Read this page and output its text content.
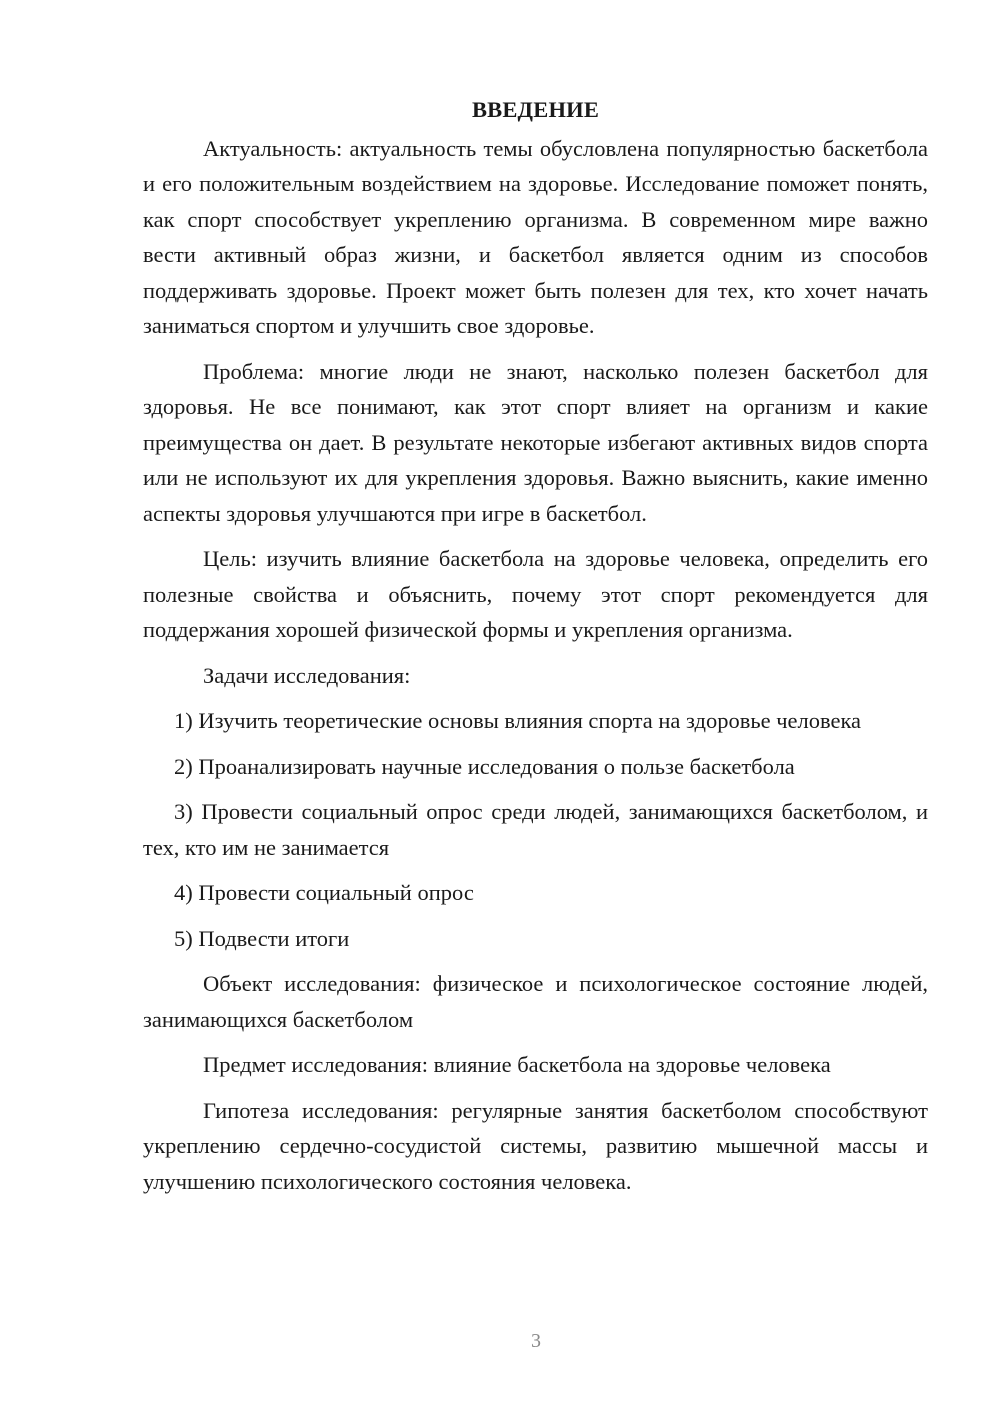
ВВЕДЕНИЕ

Актуальность: актуальность темы обусловлена популярностью баскетбола и его положительным воздействием на здоровье. Исследование поможет понять, как спорт способствует укреплению организма. В современном мире важно вести активный образ жизни, и баскетбол является одним из способов поддерживать здоровье. Проект может быть полезен для тех, кто хочет начать заниматься спортом и улучшить свое здоровье.

Проблема: многие люди не знают, насколько полезен баскетбол для здоровья. Не все понимают, как этот спорт влияет на организм и какие преимущества он дает. В результате некоторые избегают активных видов спорта или не используют их для укрепления здоровья. Важно выяснить, какие именно аспекты здоровья улучшаются при игре в баскетбол.

Цель: изучить влияние баскетбола на здоровье человека, определить его полезные свойства и объяснить, почему этот спорт рекомендуется для поддержания хорошей физической формы и укрепления организма.

Задачи исследования:

1) Изучить теоретические основы влияния спорта на здоровье человека

2) Проанализировать научные исследования о пользе баскетбола

3) Провести социальный опрос среди людей, занимающихся баскетболом, и тех, кто им не занимается

4) Провести социальный опрос

5) Подвести итоги

Объект исследования: физическое и психологическое состояние людей, занимающихся баскетболом

Предмет исследования: влияние баскетбола на здоровье человека

Гипотеза исследования: регулярные занятия баскетболом способствуют укреплению сердечно-сосудистой системы, развитию мышечной массы и улучшению психологического состояния человека.

3
